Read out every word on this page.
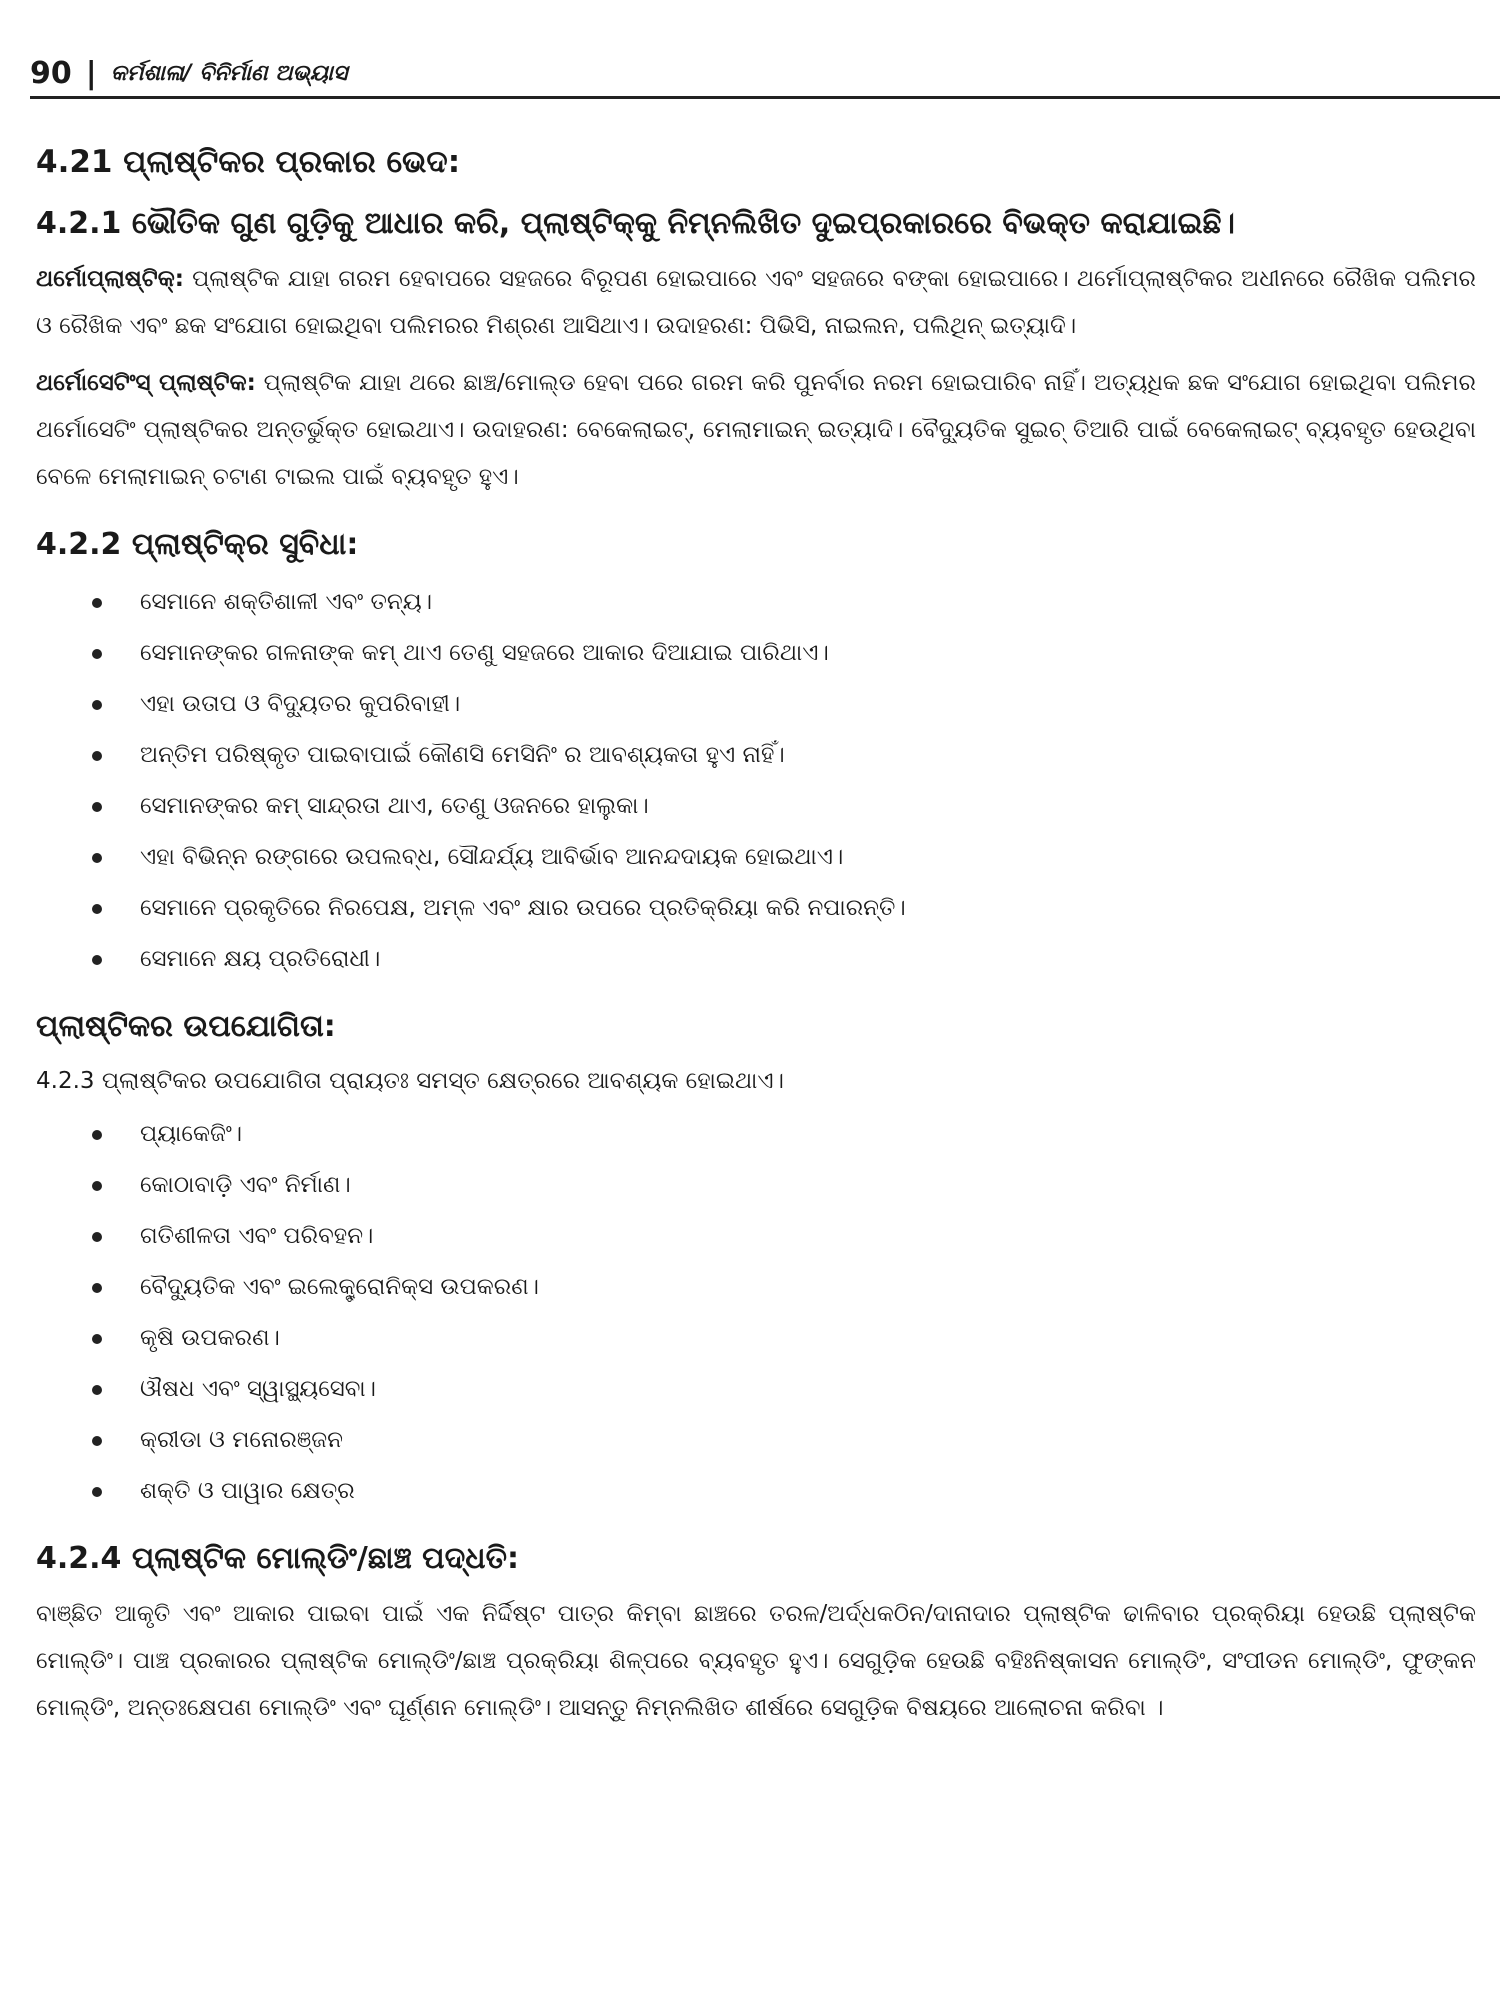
90 | କର୍ମଶାଳା/ ବିନିର୍ମାଣ ଅଭ୍ୟାସ
4.21 ପ୍ଲାଷ୍ଟିକର ପ୍ରକାର ଭେଦ:
4.2.1 ଭୌତିକ ଗୁଣ ଗୁଡ଼ିକୁ ଆଧାର କରି, ପ୍ଲାଷ୍ଟିକ୍‌କୁ ନିମ୍ନଲିଖିତ ଦୁଇପ୍ରକାରରେ ବିଭକ୍ତ କରାଯାଇଛି।

ଥର୍ମୋପ୍ଲାଷ୍ଟିକ୍: ପ୍ଲାଷ୍ଟିକ ଯାହା ଗରମ ହେବାପରେ ସହଜରେ ବିରୂପଣ ହୋଇପାରେ ଏବଂ ସହଜରେ ବଙ୍କା ହୋଇପାରେ। ଥର୍ମୋପ୍ଲାଷ୍ଟିକର ଅଧୀନରେ ରୈଖିକ ପଲିମର ଓ ରୈଖିକ ଏବଂ ଛକ ସଂଯୋଗ ହୋଇଥିବା ପଲିମରର ମିଶ୍ରଣ ଆସିଥାଏ। ଉଦାହରଣ: ପିଭିସି, ନାଇଲନ, ପଲିଥିନ୍ ଇତ୍ୟାଦି।

ଥର୍ମୋସେଟିଂସ୍ ପ୍ଲାଷ୍ଟିକ: ପ୍ଲାଷ୍ଟିକ ଯାହା ଥରେ ଛାଞ୍ଚ/ମୋଲ୍ଡ ହେବା ପରେ ଗରମ କରି ପୁନର୍ବାର ନରମ ହୋଇପାରିବ ନାହିଁ। ଅତ୍ୟଧିକ ଛକ ସଂଯୋଗ ହୋଇଥିବା ପଲିମର ଥର୍ମୋସେଟିଂ ପ୍ଲାଷ୍ଟିକର ଅନ୍ତର୍ଭୁକ୍ତ ହୋଇଥାଏ। ଉଦାହରଣ: ବେକେଲାଇଟ୍, ମେଲାମାଇନ୍ ଇତ୍ୟାଦି। ବୈଦ୍ୟୁତିକ ସୁଇଚ୍ ତିଆରି ପାଇଁ ବେକେଲାଇଟ୍ ବ୍ୟବହୃତ ହେଉଥିବା ବେଳେ ମେଲାମାଇନ୍ ଚଟାଣ ଟାଇଲ ପାଇଁ ବ୍ୟବହୃତ ହୁଏ।

4.2.2 ପ୍ଲାଷ୍ଟିକ୍‌ର ସୁବିଧା:
ସେମାନେ ଶକ୍ତିଶାଳୀ ଏବଂ ତନ୍ୟ।
ସେମାନଙ୍କର ଗଳନାଙ୍କ କମ୍ ଥାଏ ତେଣୁ ସହଜରେ ଆକାର ଦିଆଯାଇ ପାରିଥାଏ।
ଏହା ଉତାପ ଓ ବିଦ୍ୟୁତର କୁପରିବାହୀ।
ଅନ୍ତିମ ପରିଷ୍କୃତ ପାଇବାପାଇଁ କୌଣସି ମେସିନିଂ ର ଆବଶ୍ୟକତା ହୁଏ ନାହିଁ।
ସେମାନଙ୍କର କମ୍ ସାନ୍ଦ୍ରତା ଥାଏ, ତେଣୁ ଓଜନରେ ହାଲୁକା।
ଏହା ବିଭିନ୍ନ ରଙ୍ଗରେ ଉପଲବ୍ଧ, ସୌନ୍ଦର୍ଯ୍ୟ ଆବିର୍ଭାବ ଆନନ୍ଦଦାୟକ ହୋଇଥାଏ।
ସେମାନେ ପ୍ରକୃତିରେ ନିରପେକ୍ଷ, ଅମ୍ଳ ଏବଂ କ୍ଷାର ଉପରେ ପ୍ରତିକ୍ରିୟା କରି ନପାରନ୍ତି।
ସେମାନେ କ୍ଷୟ ପ୍ରତିରୋଧୀ।
ପ୍ଲାଷ୍ଟିକର ଉପଯୋଗିତା:

4.2.3 ପ୍ଲାଷ୍ଟିକର ଉପଯୋଗିତା ପ୍ରାୟତଃ ସମସ୍ତ କ୍ଷେତ୍ରରେ ଆବଶ୍ୟକ ହୋଇଥାଏ।

ପ୍ୟାକେଜିଂ।
କୋଠାବାଡ଼ି ଏବଂ ନିର୍ମାଣ।
ଗତିଶୀଳତା ଏବଂ ପରିବହନ।
ବୈଦ୍ୟୁତିକ ଏବଂ ଇଲେକ୍ଟ୍ରୋନିକ୍ସ ଉପକରଣ।
କୃଷି ଉପକରଣ।
ଔଷଧ ଏବଂ ସ୍ୱାସ୍ଥ୍ୟସେବା।
କ୍ରୀଡା ଓ ମନୋରଞ୍ଜନ
ଶକ୍ତି ଓ ପାୱାର କ୍ଷେତ୍ର
4.2.4 ପ୍ଲାଷ୍ଟିକ ମୋଲ୍ଡିଂ/ଛାଞ୍ଚ ପଦ୍ଧତି:

ବାଞ୍ଛିତ ଆକୃତି ଏବଂ ଆକାର ପାଇବା ପାଇଁ ଏକ ନିର୍ଦ୍ଦିଷ୍ଟ ପାତ୍ର କିମ୍ବା ଛାଞ୍ଚରେ ତରଳ/ଅର୍ଦ୍ଧକଠିନ/ଦାନାଦାର ପ୍ଲାଷ୍ଟିକ ଢାଳିବାର ପ୍ରକ୍ରିୟା ହେଉଛି ପ୍ଲାଷ୍ଟିକ ମୋଲ୍ଡିଂ। ପାଞ୍ଚ ପ୍ରକାରର ପ୍ଲାଷ୍ଟିକ ମୋଲ୍ଡିଂ/ଛାଞ୍ଚ ପ୍ରକ୍ରିୟା ଶିଳ୍ପରେ ବ୍ୟବହୃତ ହୁଏ। ସେଗୁଡ଼ିକ ହେଉଛି ବହିଃନିଷ୍କାସନ ମୋଲ୍ଡିଂ, ସଂପୀଡନ ମୋଲ୍ଡିଂ, ଫୁଙ୍କନ ମୋଲ୍ଡିଂ, ଅନ୍ତଃକ୍ଷେପଣ ମୋଲ୍ଡିଂ ଏବଂ ଘୂର୍ଣ୍ଣନ ମୋଲ୍ଡିଂ। ଆସନ୍ତୁ ନିମ୍ନଲିଖିତ ଶୀର୍ଷରେ ସେଗୁଡ଼ିକ ବିଷୟରେ ଆଲୋଚନା କରିବା ।
